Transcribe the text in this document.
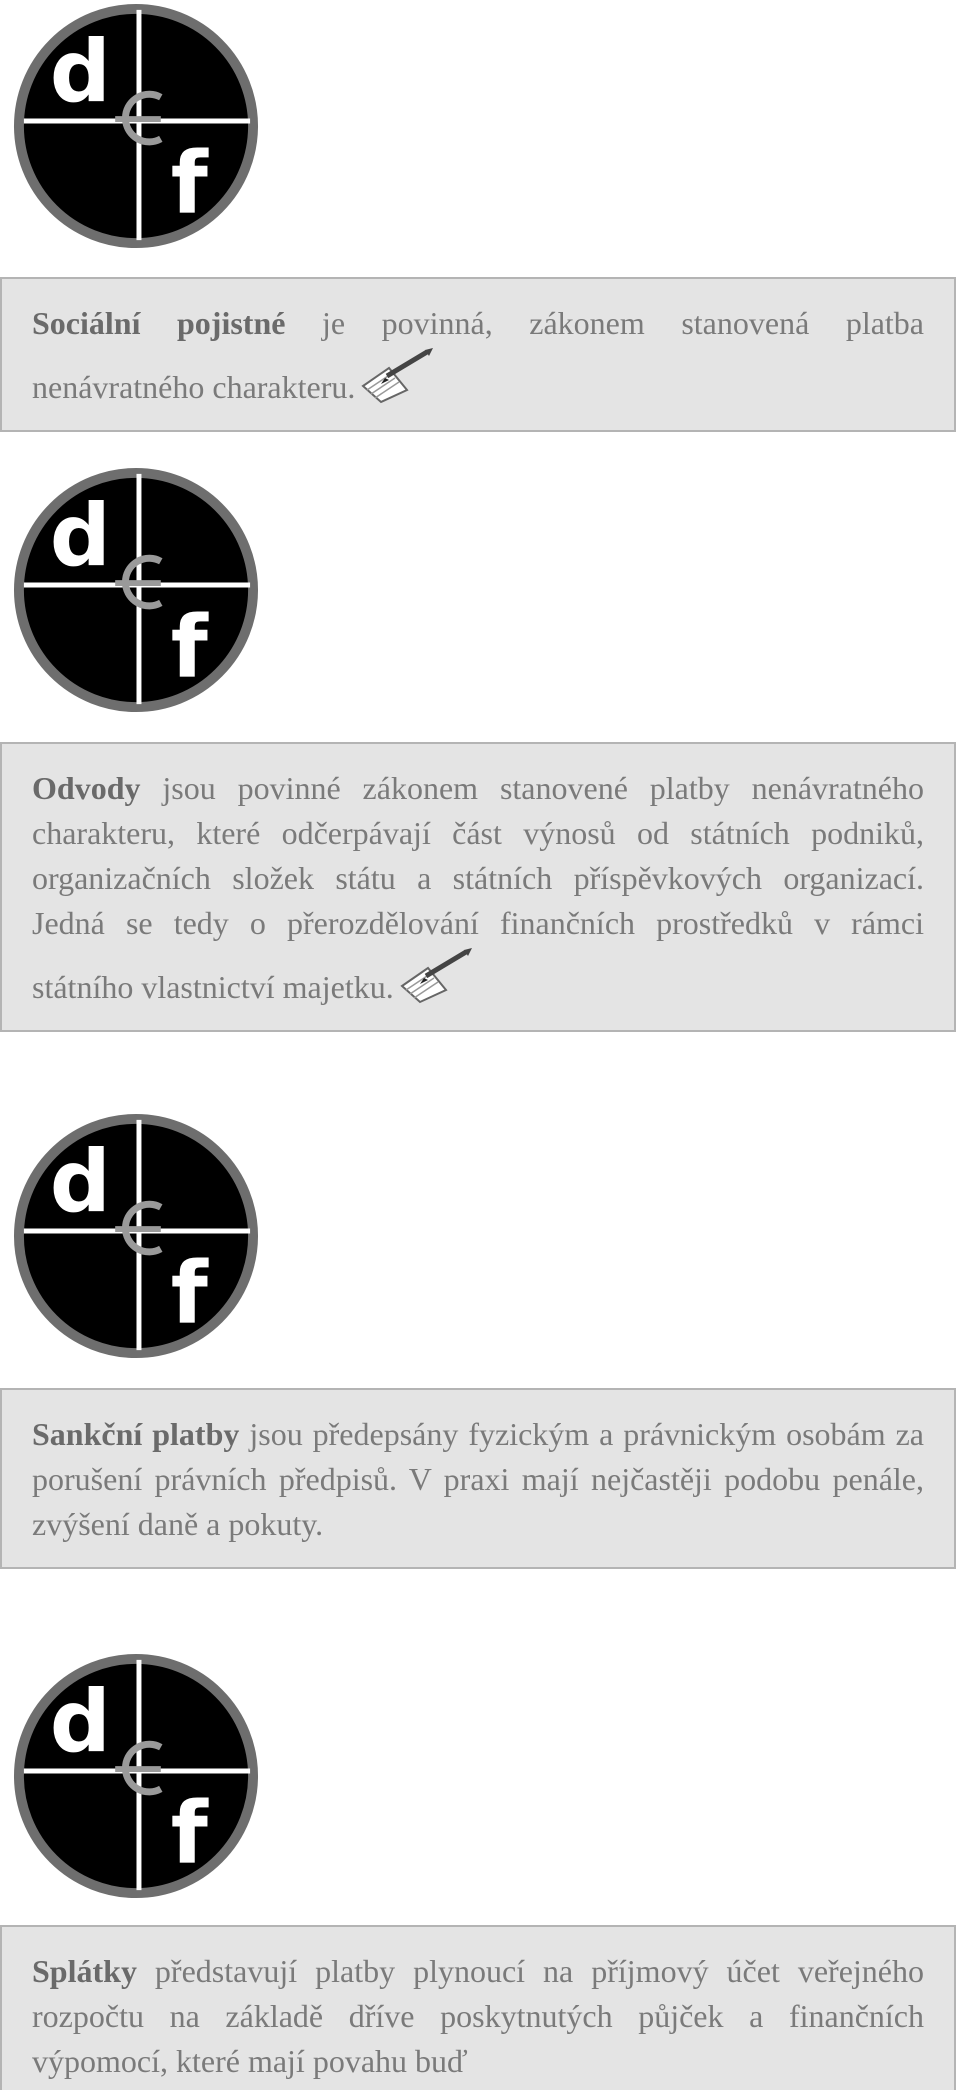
d
f
Sociální pojistné je povinná, zákonem stanovená platba nenávratného charakteru.
d
f
Odvody jsou povinné zákonem stanovené platby nenávratného charakteru, které odčerpávají část výnosů od státních podniků, organizačních složek státu a státních příspěvkových organizací. Jedná se tedy o přerozdělování finančních prostředků v rámci státního vlastnictví majetku.
d
f
Sankční platby jsou předepsány fyzickým a právnickým osobám za porušení právních předpisů. V praxi mají nejčastěji podobu penále, zvýšení daně a pokuty.
d
f
Splátky představují platby plynoucí na příjmový účet veřejného rozpočtu na základě dříve poskytnutých půjček a finančních výpomocí, které mají povahu buď
